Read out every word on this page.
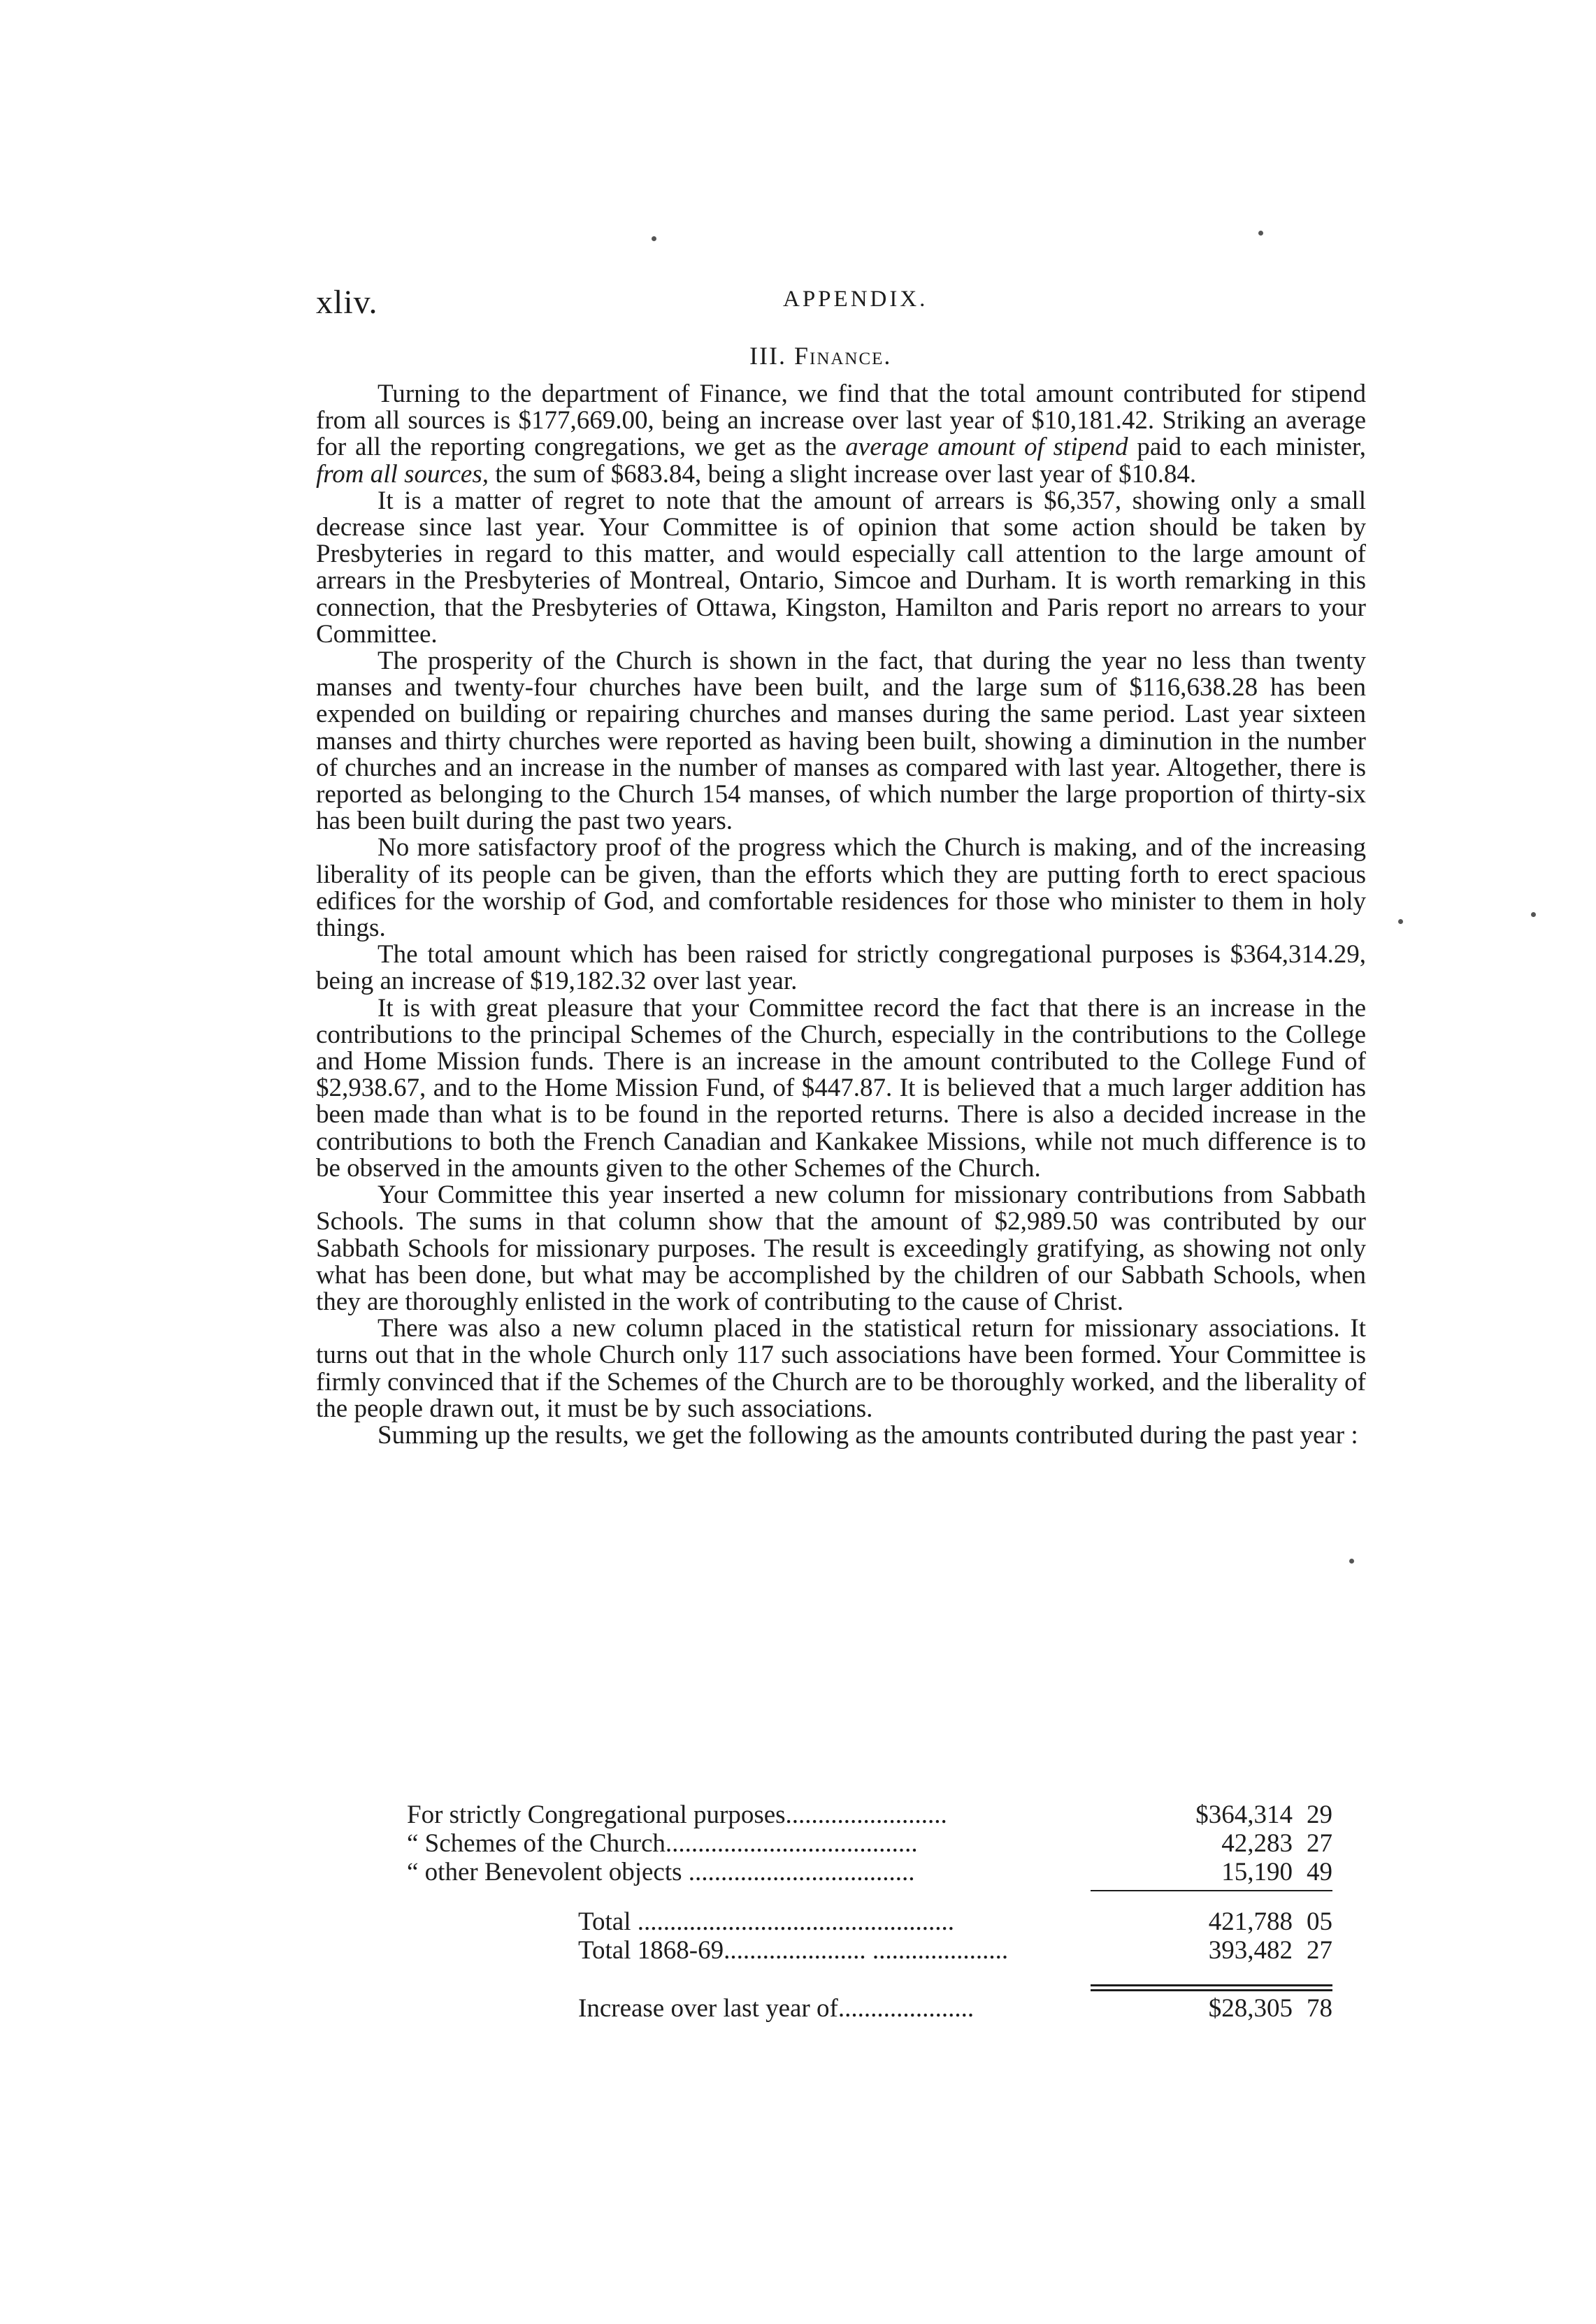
xliv.	APPENDIX.
III. Finance.

Turning to the department of Finance, we find that the total amount contributed for stipend from all sources is $177,669.00, being an increase over last year of $10,181.42. Striking an average for all the reporting congregations, we get as the average amount of stipend paid to each minister, from all sources, the sum of $683.84, being a slight increase over last year of $10.84.

It is a matter of regret to note that the amount of arrears is $6,357, showing only a small decrease since last year. Your Committee is of opinion that some action should be taken by Presbyteries in regard to this matter, and would especially call attention to the large amount of arrears in the Presbyteries of Montreal, Ontario, Simcoe and Durham. It is worth remarking in this connection, that the Presbyteries of Ottawa, Kingston, Hamilton and Paris report no arrears to your Committee.

The prosperity of the Church is shown in the fact, that during the year no less than twenty manses and twenty-four churches have been built, and the large sum of $116,638.28 has been expended on building or repairing churches and manses during the same period. Last year sixteen manses and thirty churches were reported as having been built, showing a diminution in the number of churches and an increase in the number of manses as compared with last year. Altogether, there is reported as belonging to the Church 154 manses, of which number the large proportion of thirty-six has been built during the past two years.

No more satisfactory proof of the progress which the Church is making, and of the increasing liberality of its people can be given, than the efforts which they are putting forth to erect spacious edifices for the worship of God, and comfortable residences for those who minister to them in holy things.

The total amount which has been raised for strictly congregational purposes is $364,314.29, being an increase of $19,182.32 over last year.

It is with great pleasure that your Committee record the fact that there is an increase in the contributions to the principal Schemes of the Church, especially in the contributions to the College and Home Mission funds. There is an increase in the amount contributed to the College Fund of $2,938.67, and to the Home Mission Fund, of $447.87. It is believed that a much larger addition has been made than what is to be found in the reported returns. There is also a decided increase in the contributions to both the French Canadian and Kankakee Missions, while not much difference is to be observed in the amounts given to the other Schemes of the Church.

Your Committee this year inserted a new column for missionary contributions from Sabbath Schools. The sums in that column show that the amount of $2,989.50 was contributed by our Sabbath Schools for missionary purposes. The result is exceedingly gratifying, as showing not only what has been done, but what may be accomplished by the children of our Sabbath Schools, when they are thoroughly enlisted in the work of contributing to the cause of Christ.

There was also a new column placed in the statistical return for missionary associations. It turns out that in the whole Church only 117 such associations have been formed. Your Committee is firmly convinced that if the Schemes of the Church are to be thoroughly worked, and the liberality of the people drawn out, it must be by such associations.

Summing up the results, we get the following as the amounts contributed during the past year :

For strictly Congregational purposes.........................	$364,314 29
“ Schemes of the Church.......................................	42,283 27
“ other Benevolent objects ...................................	15,190 49
Total .................................................	421,788 05
Total 1868-69...................... .....................	393,482 27
Increase over last year of.....................	$28,305 78
